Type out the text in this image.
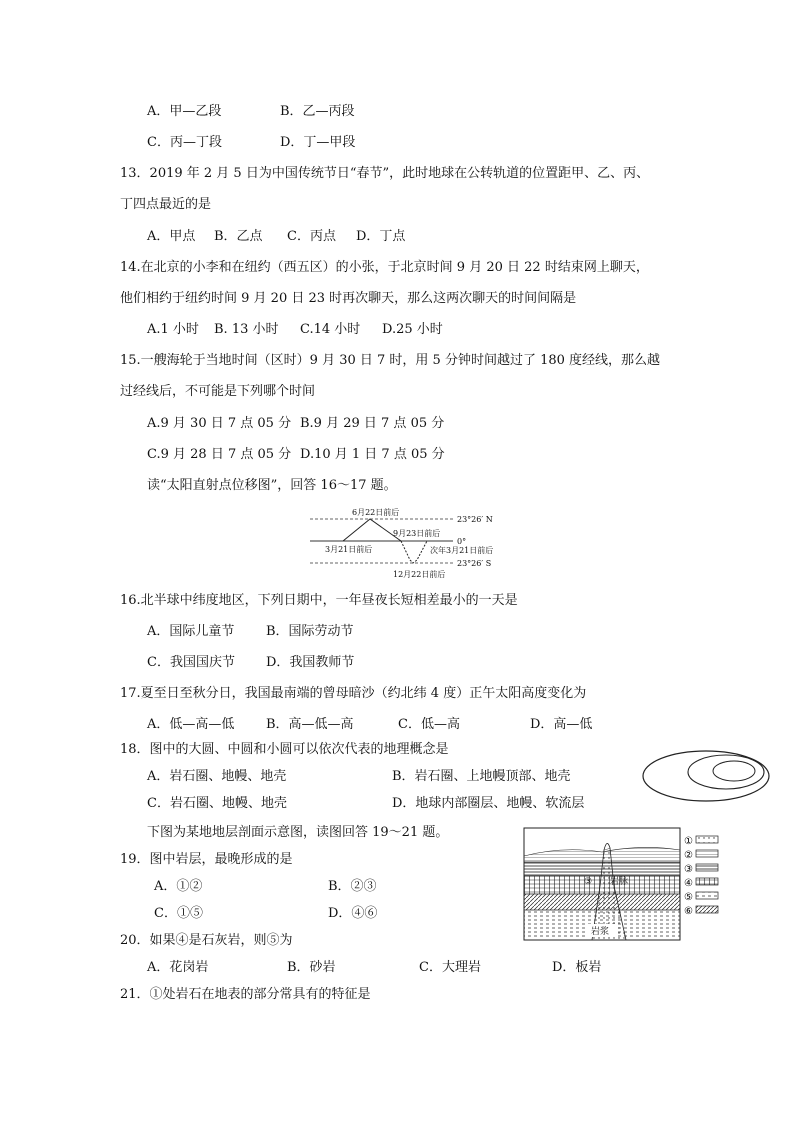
A．甲—乙段	B．乙—丙段
C．丙—丁段	D．丁—甲段
13．2019 年 2 月 5 日为中国传统节日“春节”，此时地球在公转轨道的位置距甲、乙、丙、
丁四点最近的是
A．甲点 B．乙点 C．丙点 D．丁点
14.在北京的小李和在纽约（西五区）的小张，于北京时间 9 月 20 日 22 时结束网上聊天，
他们相约于纽约时间 9 月 20 日 23 时再次聊天，那么这两次聊天的时间间隔是
A.1 小时 B. 13 小时 C.14 小时 D.25 小时
15.一艘海轮于当地时间（区时）9 月 30 日 7 时，用 5 分钟时间越过了 180 度经线，那么越
过经线后，不可能是下列哪个时间
A.9 月 30 日 7 点 05 分 B.9 月 29 日 7 点 05 分
C.9 月 28 日 7 点 05 分 D.10 月 1 日 7 点 05 分
读“太阳直射点位移图”，回答 16～17 题。
6月22日前后
9月23日前后
3月21日前后	次年3月21日前后
12月22日前后
23°26′ N
0°
23°26′ S
16.北半球中纬度地区，下列日期中，一年昼夜长短相差最小的一天是
A．国际儿童节 B．国际劳动节
C．我国国庆节 D．我国教师节
17.夏至日至秋分日，我国最南端的曾母暗沙（约北纬 4 度）正午太阳高度变化为
A．低—高—低 B．高—低—高	C．低—高	D．高—低
18．图中的大圆、中圆和小圆可以依次代表的地理概念是
A．岩石圈、地幔、地壳	B．岩石圈、上地幔顶部、地壳
C．岩石圈、地幔、地壳	D．地球内部圈层、地幔、软流层
下图为某地地层剖面示意图，读图回答 19～21 题。
19．图中岩层，最晚形成的是
A．①②	B．②③
C．①⑤	D．④⑥
③ 岩脉
岩浆
①
②
③
④
⑤
⑥
20．如果④是石灰岩，则⑤为
A．花岗岩	B．砂岩	C．大理岩	D．板岩
21．①处岩石在地表的部分常具有的特征是
